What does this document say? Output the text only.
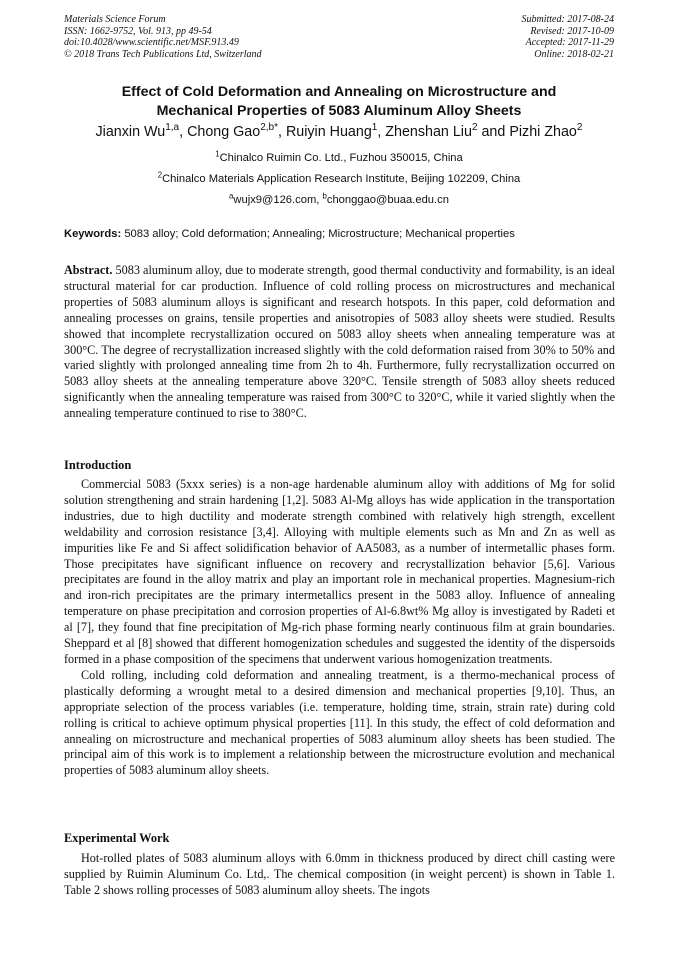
Materials Science Forum
ISSN: 1662-9752, Vol. 913, pp 49-54
doi:10.4028/www.scientific.net/MSF.913.49
© 2018 Trans Tech Publications Ltd, Switzerland
Submitted: 2017-08-24
Revised: 2017-10-09
Accepted: 2017-11-29
Online: 2018-02-21
Effect of Cold Deformation and Annealing on Microstructure and
Mechanical Properties of 5083 Aluminum Alloy Sheets
Jianxin Wu$^{1,a}$, Chong Gao$^{2,b*}$, Ruiyin Huang$^1$, Zhenshan Liu$^2$ and Pizhi Zhao$^2$
$^1$Chinalco Ruimin Co. Ltd., Fuzhou 350015, China
$^2$Chinalco Materials Application Research Institute, Beijing 102209, China
$^a$wujx9@126.com, $^b$chonggao@buaa.edu.cn
Keywords: 5083 alloy; Cold deformation; Annealing; Microstructure; Mechanical properties
Abstract. 5083 aluminum alloy, due to moderate strength, good thermal conductivity and formability, is an ideal structural material for car production. Influence of cold rolling process on microstructures and mechanical properties of 5083 aluminum alloys is significant and research hotspots. In this paper, cold deformation and annealing processes on grains, tensile properties and anisotropies of 5083 alloy sheets were studied. Results showed that incomplete recrystallization occured on 5083 alloy sheets when annealing temperature was at 300°C. The degree of recrystallization increased slightly with the cold deformation raised from 30% to 50% and varied slightly with prolonged annealing time from 2h to 4h. Furthermore, fully recrystallization occurred on 5083 alloy sheets at the annealing temperature above 320°C. Tensile strength of 5083 alloy sheets reduced significantly when the annealing temperature was raised from 300°C to 320°C, while it varied slightly when the annealing temperature continued to rise to 380°C.
Introduction

Commercial 5083 (5xxx series) is a non-age hardenable aluminum alloy with additions of Mg for solid solution strengthening and strain hardening [1,2]. 5083 Al-Mg alloys has wide application in the transportation industries, due to high ductility and moderate strength combined with relatively high strength, excellent weldability and corrosion resistance [3,4]. Alloying with multiple elements such as Mn and Zn as well as impurities like Fe and Si affect solidification behavior of AA5083, as a number of intermetallic phases form. Those precipitates have significant influence on recovery and recrystallization behavior [5,6]. Various precipitates are found in the alloy matrix and play an important role in mechanical properties. Magnesium-rich and iron-rich precipitates are the primary intermetallics present in the 5083 alloy. Influence of annealing temperature on phase precipitation and corrosion properties of Al-6.8wt% Mg alloy is investigated by Radeti et al [7], they found that fine precipitation of Mg-rich phase forming nearly continuous film at grain boundaries. Sheppard et al [8] showed that different homogenization schedules and suggested the identity of the dispersoids formed in a phase composition of the specimens that underwent various homogenization treatments.

Cold rolling, including cold deformation and annealing treatment, is a thermo-mechanical process of plastically deforming a wrought metal to a desired dimension and mechanical properties [9,10]. Thus, an appropriate selection of the process variables (i.e. temperature, holding time, strain, strain rate) during cold rolling is critical to achieve optimum physical properties [11]. In this study, the effect of cold deformation and annealing on microstructure and mechanical properties of 5083 aluminum alloy sheets has been studied. The principal aim of this work is to implement a relationship between the microstructure evolution and mechanical properties of 5083 aluminum alloy sheets.

Experimental Work

Hot-rolled plates of 5083 aluminum alloys with 6.0mm in thickness produced by direct chill casting were supplied by Ruimin Aluminum Co. Ltd,. The chemical composition (in weight percent) is shown in Table 1. Table 2 shows rolling processes of 5083 aluminum alloy sheets. The ingots
